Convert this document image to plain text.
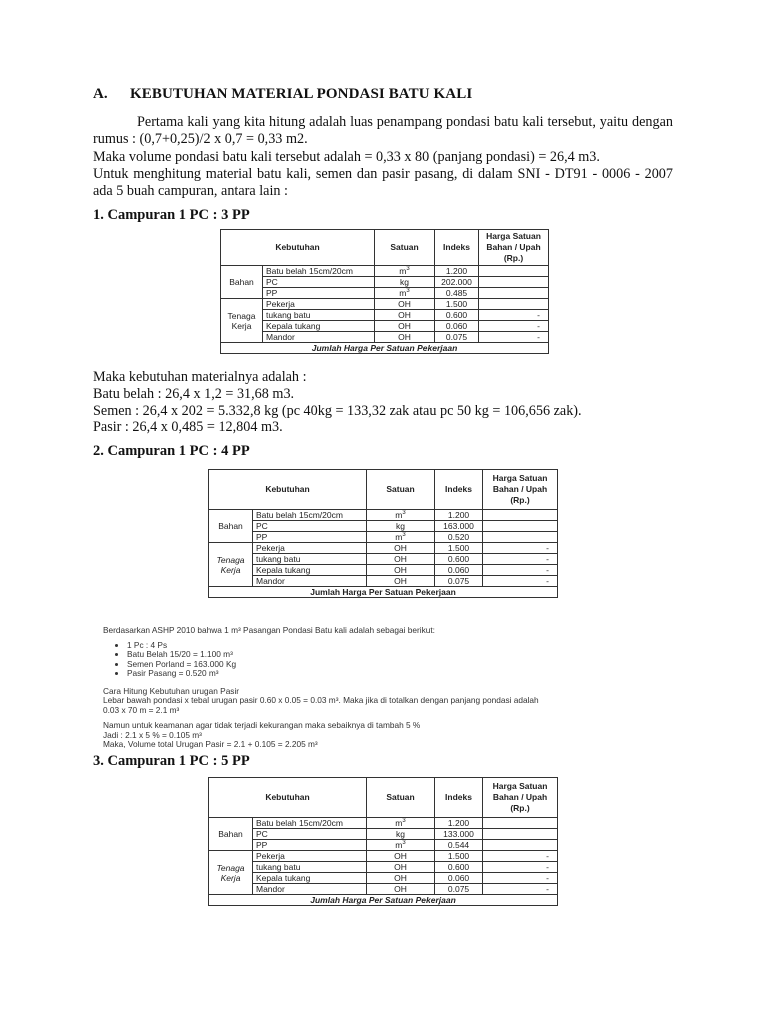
A. KEBUTUHAN MATERIAL PONDASI BATU KALI
Pertama kali yang kita hitung adalah luas penampang pondasi batu kali tersebut, yaitu dengan rumus : (0,7+0,25)/2 x 0,7 = 0,33 m2.
Maka volume pondasi batu kali tersebut adalah = 0,33 x 80 (panjang pondasi) = 26,4 m3.
Untuk menghitung material batu kali, semen dan pasir pasang, di dalam SNI - DT91 - 0006 - 2007 ada 5 buah campuran, antara lain :
1. Campuran 1 PC : 3 PP
Kebutuhan		Satuan	Indeks	Harga Satuan Bahan / Upah (Rp.)
Bahan	Batu belah 15cm/20cm	$m^3$	1.200	
	PC	kg	202.000	
	PP	$m^3$	0.485	
Tenaga Kerja	Pekerja	OH	1.500	
	tukang batu	OH	0.600	-
	Kepala tukang	OH	0.060	-
	Mandor	OH	0.075	-
Jumlah Harga Per Satuan Pekerjaan				
Maka kebutuhan materialnya adalah :
Batu belah : 26,4 x 1,2 = 31,68 m3.
Semen : 26,4 x 202 = 5.332,8 kg (pc 40kg = 133,32 zak atau pc 50 kg = 106,656 zak).
Pasir : 26,4 x 0,485 = 12,804 m3.
2. Campuran 1 PC : 4 PP
Kebutuhan		Satuan	Indeks	Harga Satuan Bahan / Upah (Rp.)
Bahan	Batu belah 15cm/20cm	$m^3$	1.200	
	PC	kg	163.000	
	PP	$m^3$	0.520	
Tenaga Kerja	Pekerja	OH	1.500	-
	tukang batu	OH	0.600	-
	Kepala tukang	OH	0.060	-
	Mandor	OH	0.075	-
Jumlah Harga Per Satuan Pekerjaan				

Berdasarkan ASHP 2010 bahwa 1 m³ Pasangan Pondasi Batu kali adalah sebagai berikut:

• 1 Pc : 4 Ps
• Batu Belah 15/20 = 1.100 m³
• Semen Porland = 163.000 Kg
• Pasir Pasang = 0.520 m³

Cara Hitung Kebutuhan urugan Pasir

Lebar bawah pondasi x tebal urugan pasir 0.60 x 0.05 = 0.03 m³. Maka jika di totalkan dengan panjang pondasi adalah 0.03 x 70 m = 2.1 m³

Namun untuk keamanan agar tidak terjadi kekurangan maka sebaiknya di tambah 5 %

Jadi : 2.1 x 5 % = 0.105 m³

Maka, Volume total Urugan Pasir = 2.1 + 0.105 = 2.205 m³

3. Campuran 1 PC : 5 PP
Kebutuhan		Satuan	Indeks	Harga Satuan Bahan / Upah (Rp.)
Bahan	Batu belah 15cm/20cm	$m^3$	1.200	
	PC	kg	133.000	
	PP	$m^3$	0.544	
Tenaga Kerja	Pekerja	OH	1.500	-
	tukang batu	OH	0.600	-
	Kepala tukang	OH	0.060	-
	Mandor	OH	0.075	-
Jumlah Harga Per Satuan Pekerjaan				
